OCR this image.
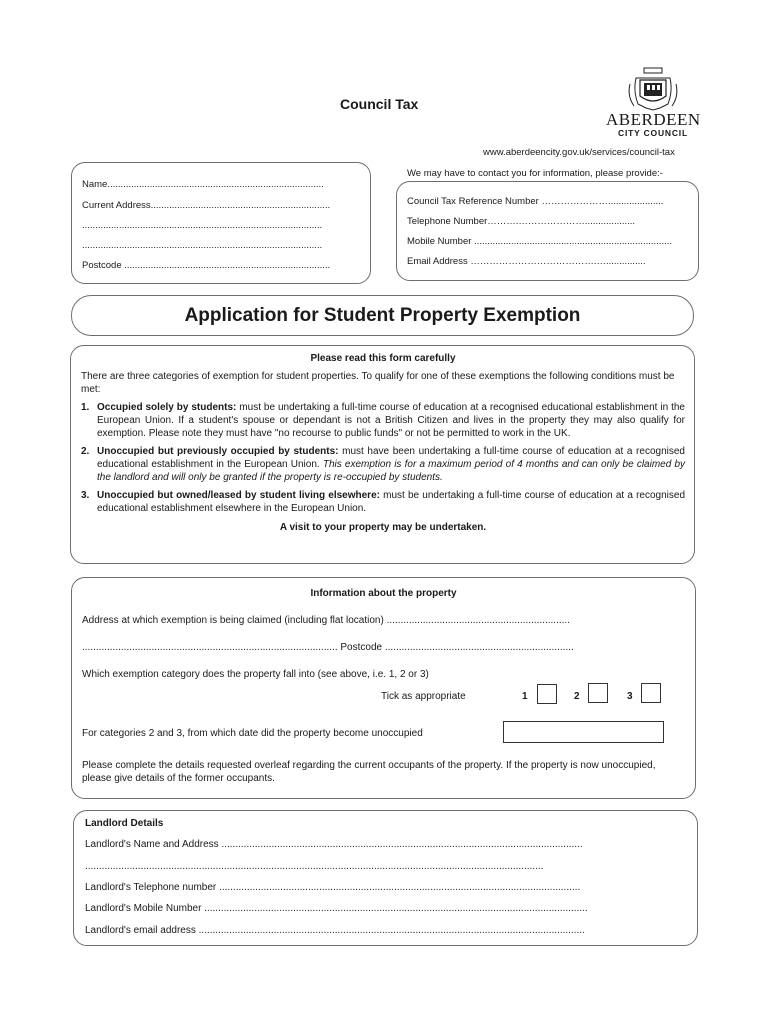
Council Tax
ABERDEEN
CITY COUNCIL
www.aberdeencity.gov.uk/services/council-tax
Name..................................................................................
Current Address....................................................................
...........................................................................................
...........................................................................................
Postcode ..............................................................................
We may have to contact you for information, please provide:-
Council Tax Reference Number ………………….....................
Telephone Number……….…………………...................
Mobile Number ...........................................................................
Email Address ………………………………….…...............
Application for Student Property Exemption
Please read this form carefully
There are three categories of exemption for student properties. To qualify for one of these exemptions the following conditions must be met:
1. Occupied solely by students: must be undertaking a full-time course of education at a recognised educational establishment in the European Union. If a student's spouse or dependant is not a British Citizen and lives in the property they may also qualify for exemption. Please note they must have "no recourse to public funds" or not be permitted to work in the UK.
2. Unoccupied but previously occupied by students: must have been undertaking a full-time course of education at a recognised educational establishment in the European Union. This exemption is for a maximum period of 4 months and can only be claimed by the landlord and will only be granted if the property is re-occupied by students.
3. Unoccupied but owned/leased by student living elsewhere: must be undertaking a full-time course of education at a recognised educational establishment elsewhere in the European Union.
A visit to your property may be undertaken.
Information about the property
Address at which exemption is being claimed (including flat location) ..................................................................
............................................................................................ Postcode ....................................................................
Which exemption category does the property fall into (see above, i.e. 1, 2 or 3)
Tick as appropriate	1	2	3
For categories 2 and 3, from which date did the property become unoccupied
Please complete the details requested overleaf regarding the current occupants of the property. If the property is now unoccupied, please give details of the former occupants.
Landlord Details
Landlord's Name and Address ..................................................................................................................................
.....................................................................................................................................................................
Landlord's Telephone number ..................................................................................................................................
Landlord's Mobile Number ..........................................................................................................................................
Landlord's email address ...........................................................................................................................................
